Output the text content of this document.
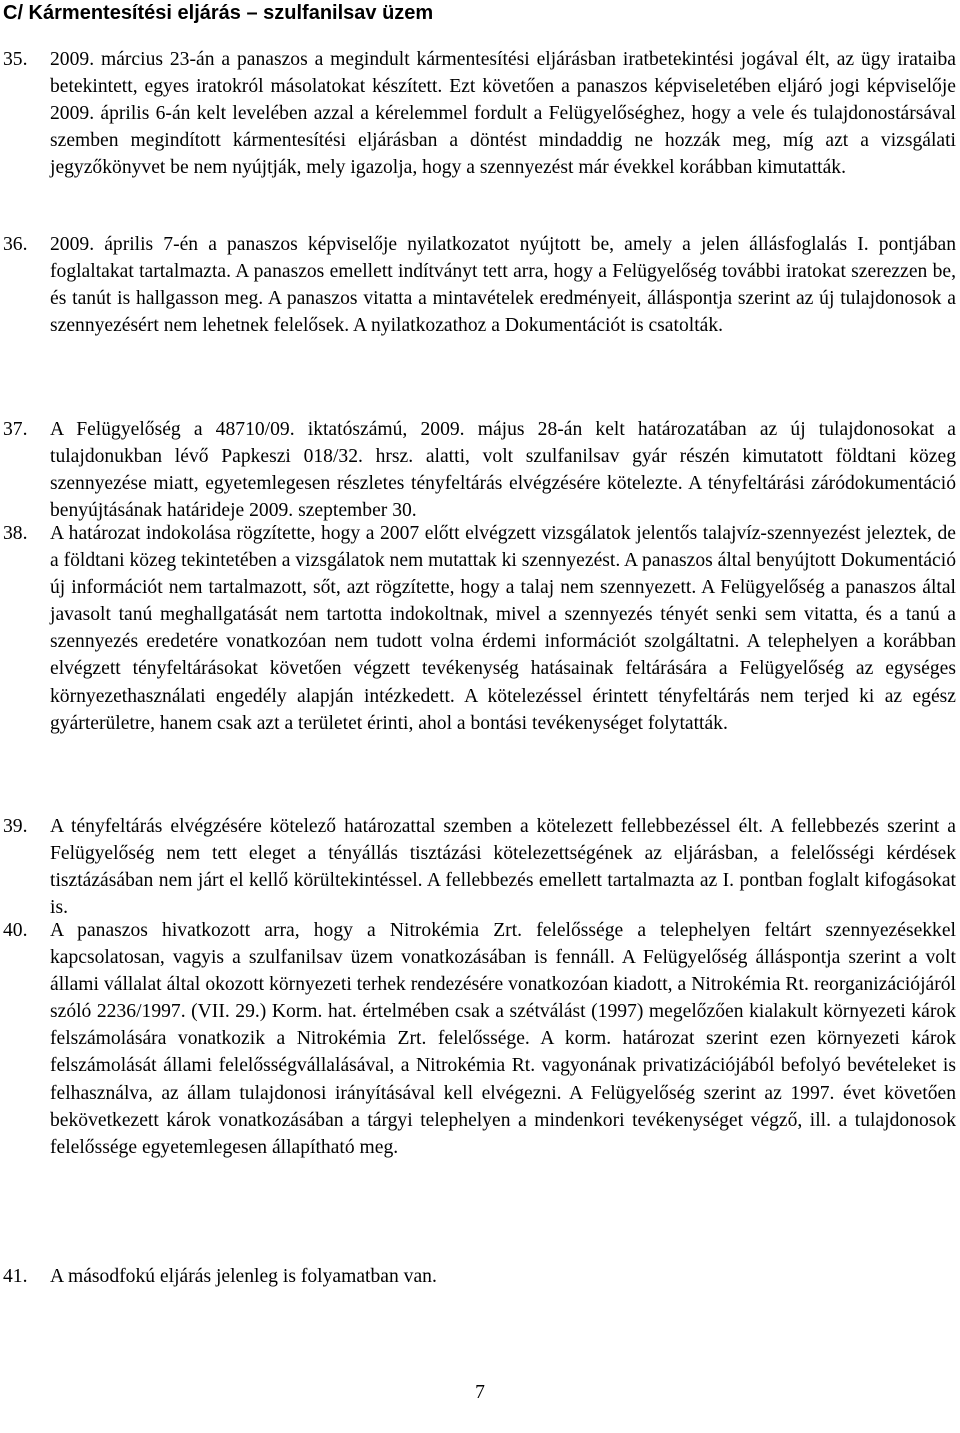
C/ Kármentesítési eljárás – szulfanilsav üzem
35. 2009. március 23-án a panaszos a megindult kármentesítési eljárásban iratbetekintési jogával élt, az ügy irataiba betekintett, egyes iratokról másolatokat készített. Ezt követően a panaszos képviseletében eljáró jogi képviselője 2009. április 6-án kelt levelében azzal a kérelemmel fordult a Felügyelőséghez, hogy a vele és tulajdonostársával szemben megindított kármentesítési eljárásban a döntést mindaddig ne hozzák meg, míg azt a vizsgálati jegyzőkönyvet be nem nyújtják, mely igazolja, hogy a szennyezést már évekkel korábban kimutatták.
36. 2009. április 7-én a panaszos képviselője nyilatkozatot nyújtott be, amely a jelen állásfoglalás I. pontjában foglaltakat tartalmazta. A panaszos emellett indítványt tett arra, hogy a Felügyelőség további iratokat szerezzen be, és tanút is hallgasson meg. A panaszos vitatta a mintavételek eredményeit, álláspontja szerint az új tulajdonosok a szennyezésért nem lehetnek felelősek. A nyilatkozathoz a Dokumentációt is csatolták.
37. A Felügyelőség a 48710/09. iktatószámú, 2009. május 28-án kelt határozatában az új tulajdonosokat a tulajdonukban lévő Papkeszi 018/32. hrsz. alatti, volt szulfanilsav gyár részén kimutatott földtani közeg szennyezése miatt, egyetemlegesen részletes tényfeltárás elvégzésére kötelezte. A tényfeltárási záródokumentáció benyújtásának határideje 2009. szeptember 30.
38. A határozat indokolása rögzítette, hogy a 2007 előtt elvégzett vizsgálatok jelentős talajvíz-szennyezést jeleztek, de a földtani közeg tekintetében a vizsgálatok nem mutattak ki szennyezést. A panaszos által benyújtott Dokumentáció új információt nem tartalmazott, sőt, azt rögzítette, hogy a talaj nem szennyezett. A Felügyelőség a panaszos által javasolt tanú meghallgatását nem tartotta indokoltnak, mivel a szennyezés tényét senki sem vitatta, és a tanú a szennyezés eredetére vonatkozóan nem tudott volna érdemi információt szolgáltatni. A telephelyen a korábban elvégzett tényfeltárásokat követően végzett tevékenység hatásainak feltárására a Felügyelőség az egységes környezethasználati engedély alapján intézkedett. A kötelezéssel érintett tényfeltárás nem terjed ki az egész gyárterületre, hanem csak azt a területet érinti, ahol a bontási tevékenységet folytatták.
39. A tényfeltárás elvégzésére kötelező határozattal szemben a kötelezett fellebbezéssel élt. A fellebbezés szerint a Felügyelőség nem tett eleget a tényállás tisztázási kötelezettségének az eljárásban, a felelősségi kérdések tisztázásában nem járt el kellő körültekintéssel. A fellebbezés emellett tartalmazta az I. pontban foglalt kifogásokat is.
40. A panaszos hivatkozott arra, hogy a Nitrokémia Zrt. felelőssége a telephelyen feltárt szennyezésekkel kapcsolatosan, vagyis a szulfanilsav üzem vonatkozásában is fennáll. A Felügyelőség álláspontja szerint a volt állami vállalat által okozott környezeti terhek rendezésére vonatkozóan kiadott, a Nitrokémia Rt. reorganizációjáról szóló 2236/1997. (VII. 29.) Korm. hat. értelmében csak a szétválást (1997) megelőzően kialakult környezeti károk felszámolására vonatkozik a Nitrokémia Zrt. felelőssége. A korm. határozat szerint ezen környezeti károk felszámolását állami felelősségvállalásával, a Nitrokémia Rt. vagyonának privatizációjából befolyó bevételeket is felhasználva, az állam tulajdonosi irányításával kell elvégezni. A Felügyelőség szerint az 1997. évet követően bekövetkezett károk vonatkozásában a tárgyi telephelyen a mindenkori tevékenységet végző, ill. a tulajdonosok felelőssége egyetemlegesen állapítható meg.
41. A másodfokú eljárás jelenleg is folyamatban van.
7
